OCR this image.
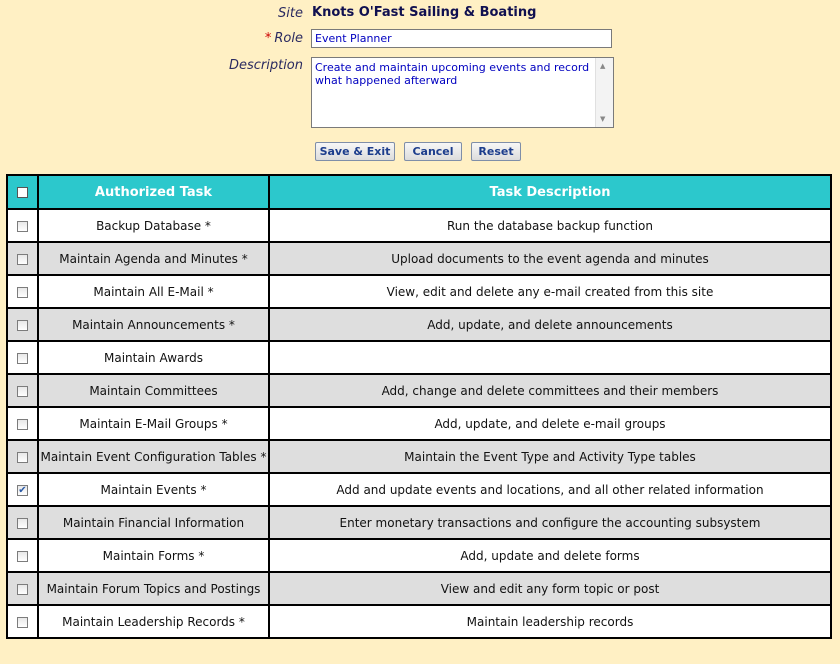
Site Knots O'Fast Sailing & Boating
* Role
Event Planner
Description Create and maintain upcoming events and record what happened afterward
▲
▼
Save & Exit	Cancel	Reset
	Authorized Task	Task Description
	Backup Database *	Run the database backup function
	Maintain Agenda and Minutes *	Upload documents to the event agenda and minutes
	Maintain All E-Mail *	View, edit and delete any e-mail created from this site
	Maintain Announcements *	Add, update, and delete announcements
	Maintain Awards	
	Maintain Committees	Add, change and delete committees and their members
	Maintain E-Mail Groups *	Add, update, and delete e-mail groups
	Maintain Event Configuration Tables *	Maintain the Event Type and Activity Type tables
✔	Maintain Events *	Add and update events and locations, and all other related information
	Maintain Financial Information	Enter monetary transactions and configure the accounting subsystem
	Maintain Forms *	Add, update and delete forms
	Maintain Forum Topics and Postings	View and edit any form topic or post
	Maintain Leadership Records *	Maintain leadership records
